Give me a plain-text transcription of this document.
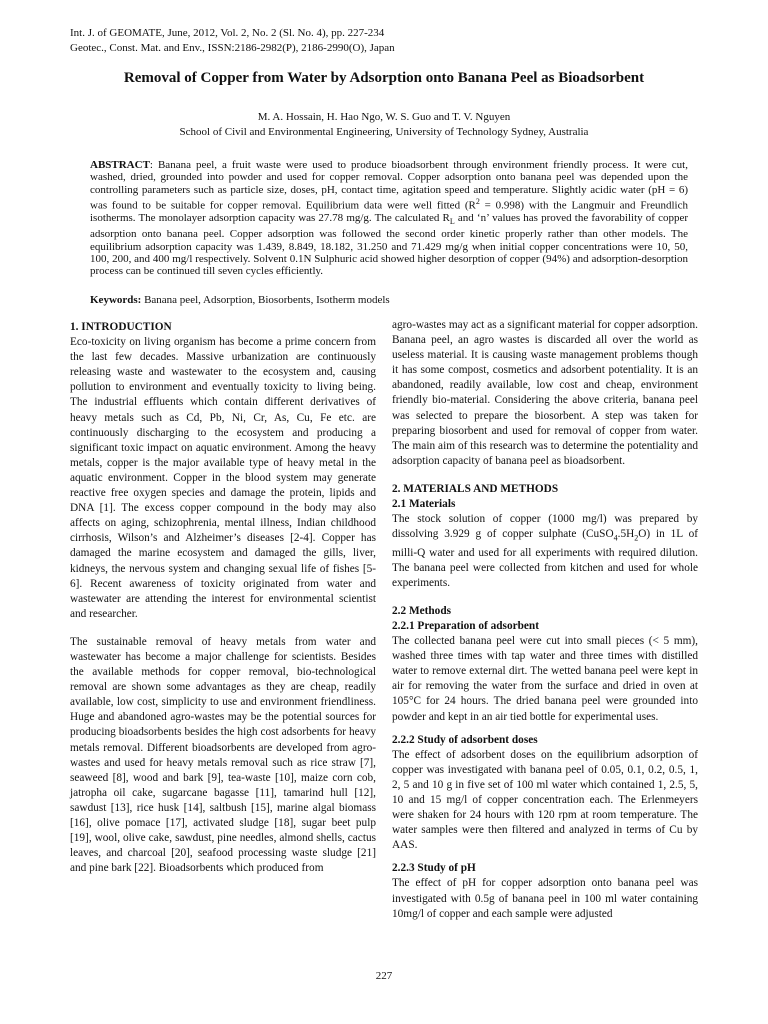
Int. J. of GEOMATE, June, 2012, Vol. 2, No. 2 (Sl. No. 4), pp. 227-234
Geotec., Const. Mat. and Env., ISSN:2186-2982(P), 2186-2990(O), Japan
Removal of Copper from Water by Adsorption onto Banana Peel as Bioadsorbent
M. A. Hossain, H. Hao Ngo, W. S. Guo and T. V. Nguyen
School of Civil and Environmental Engineering, University of Technology Sydney, Australia
ABSTRACT: Banana peel, a fruit waste were used to produce bioadsorbent through environment friendly process. It were cut, washed, dried, grounded into powder and used for copper removal. Copper adsorption onto banana peel was depended upon the controlling parameters such as particle size, doses, pH, contact time, agitation speed and temperature. Slightly acidic water (pH = 6) was found to be suitable for copper removal. Equilibrium data were well fitted $(R^2 = 0.998)$ with the Langmuir and Freundlich isotherms. The monolayer adsorption capacity was 27.78 mg/g. The calculated $R_L$ and ‘n’ values has proved the favorability of copper adsorption onto banana peel. Copper adsorption was followed the second order kinetic properly rather than other models. The equilibrium adsorption capacity was 1.439, 8.849, 18.182, 31.250 and 71.429 mg/g when initial copper concentrations were 10, 50, 100, 200, and 400 mg/l respectively. Solvent 0.1N Sulphuric acid showed higher desorption of copper (94%) and adsorption-desorption process can be continued till seven cycles efficiently.
Keywords: Banana peel, Adsorption, Biosorbents, Isotherm models

1. INTRODUCTION

Eco-toxicity on living organism has become a prime concern from the last few decades. Massive urbanization are continuously releasing waste and wastewater to the ecosystem and, causing pollution to environment and eventually toxicity to living being. The industrial effluents which contain different derivatives of heavy metals such as Cd, Pb, Ni, Cr, As, Cu, Fe etc. are continuously discharging to the ecosystem and producing a significant toxic impact on aquatic environment. Among the heavy metals, copper is the major available type of heavy metal in the aquatic environment. Copper in the blood system may generate reactive free oxygen species and damage the protein, lipids and DNA [1]. The excess copper compound in the body may also affects on aging, schizophrenia, mental illness, Indian childhood cirrhosis, Wilson’s and Alzheimer’s diseases [2-4]. Copper has damaged the marine ecosystem and damaged the gills, liver, kidneys, the nervous system and changing sexual life of fishes [5-6]. Recent awareness of toxicity originated from water and wastewater are attending the interest for environmental scientist and researcher.

The sustainable removal of heavy metals from water and wastewater has become a major challenge for scientists. Besides the available methods for copper removal, bio-technological removal are shown some advantages as they are cheap, readily available, low cost, simplicity to use and environment friendliness. Huge and abandoned agro-wastes may be the potential sources for producing bioadsorbents besides the high cost adsorbents for heavy metals removal. Different bioadsorbents are developed from agro-wastes and used for heavy metals removal such as rice straw [7], seaweed [8], wood and bark [9], tea-waste [10], maize corn cob, jatropha oil cake, sugarcane bagasse [11], tamarind hull [12], sawdust [13], rice husk [14], saltbush [15], marine algal biomass [16], olive pomace [17], activated sludge [18], sugar beet pulp [19], wool, olive cake, sawdust, pine needles, almond shells, cactus leaves, and charcoal [20], seafood processing waste sludge [21] and pine bark [22]. Bioadsorbents which produced from

agro-wastes may act as a significant material for copper adsorption. Banana peel, an agro wastes is discarded all over the world as useless material. It is causing waste management problems though it has some compost, cosmetics and adsorbent potentiality. It is an abandoned, readily available, low cost and cheap, environment friendly bio-material. Considering the above criteria, banana peel was selected to prepare the biosorbent. A step was taken for preparing biosorbent and used for removal of copper from water. The main aim of this research was to determine the potentiality and adsorption capacity of banana peel as bioadsorbent.

2. MATERIALS AND METHODS

2.1 Materials

The stock solution of copper (1000 mg/l) was prepared by dissolving 3.929 g of copper sulphate $(CuSO_4.5H_2O)$ in 1L of milli-Q water and used for all experiments with required dilution. The banana peel were collected from kitchen and used for whole experiments.

2.2 Methods

2.2.1 Preparation of adsorbent

The collected banana peel were cut into small pieces (< 5 mm), washed three times with tap water and three times with distilled water to remove external dirt. The wetted banana peel were kept in air for removing the water from the surface and dried in oven at 105°C for 24 hours. The dried banana peel were grounded into powder and kept in an air tied bottle for experimental uses.

2.2.2 Study of adsorbent doses

The effect of adsorbent doses on the equilibrium adsorption of copper was investigated with banana peel of 0.05, 0.1, 0.2, 0.5, 1, 2, 5 and 10 g in five set of 100 ml water which contained 1, 2.5, 5, 10 and 15 mg/l of copper concentration each. The Erlenmeyers were shaken for 24 hours with 120 rpm at room temperature. The water samples were then filtered and analyzed in terms of Cu by AAS.

2.2.3 Study of pH

The effect of pH for copper adsorption onto banana peel was investigated with 0.5g of banana peel in 100 ml water containing 10mg/l of copper and each sample were adjusted

227
